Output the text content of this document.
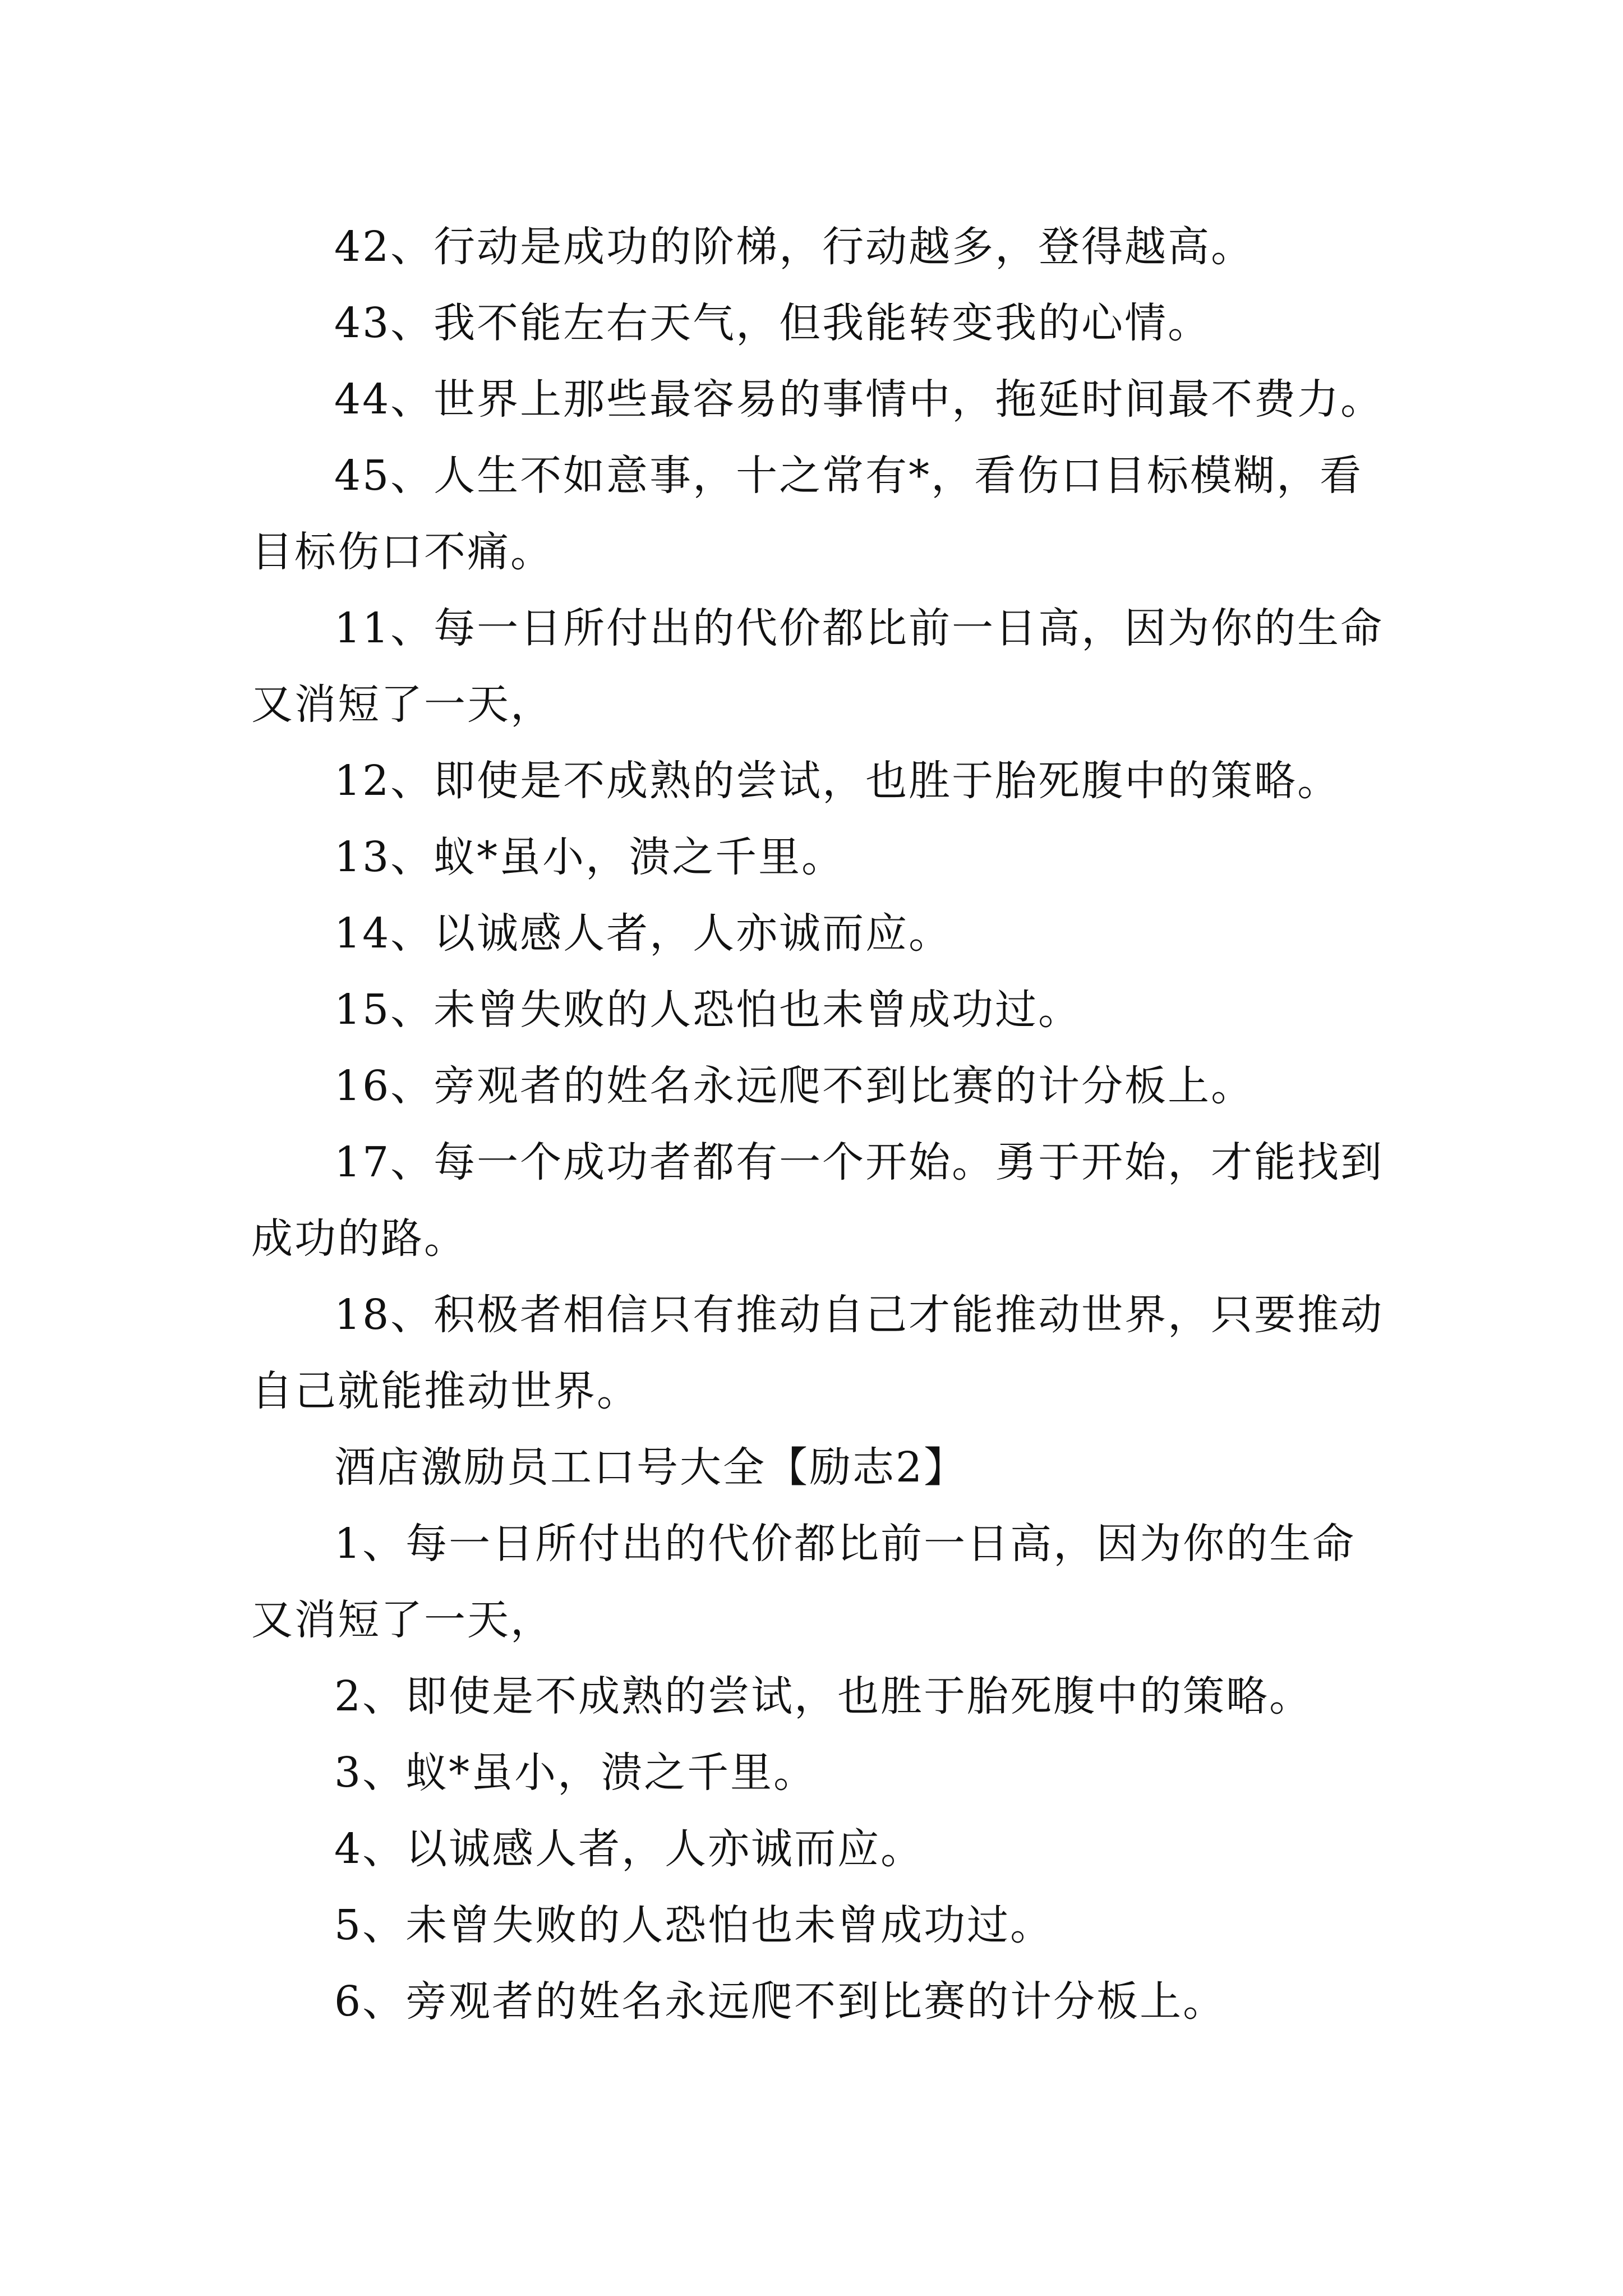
42、行动是成功的阶梯，行动越多，登得越高。

43、我不能左右天气，但我能转变我的心情。

44、世界上那些最容易的事情中，拖延时间最不费力。

45、人生不如意事，十之常有*，看伤口目标模糊，看目标伤口不痛。

11、每一日所付出的代价都比前一日高，因为你的生命又消短了一天，

12、即使是不成熟的尝试，也胜于胎死腹中的策略。

13、蚁*虽小，溃之千里。

14、以诚感人者，人亦诚而应。

15、未曾失败的人恐怕也未曾成功过。

16、旁观者的姓名永远爬不到比赛的计分板上。

17、每一个成功者都有一个开始。勇于开始，才能找到成功的路。

18、积极者相信只有推动自己才能推动世界，只要推动自己就能推动世界。

酒店激励员工口号大全【励志2】

1、每一日所付出的代价都比前一日高，因为你的生命又消短了一天，

2、即使是不成熟的尝试，也胜于胎死腹中的策略。

3、蚁*虽小，溃之千里。

4、以诚感人者，人亦诚而应。

5、未曾失败的人恐怕也未曾成功过。

6、旁观者的姓名永远爬不到比赛的计分板上。
